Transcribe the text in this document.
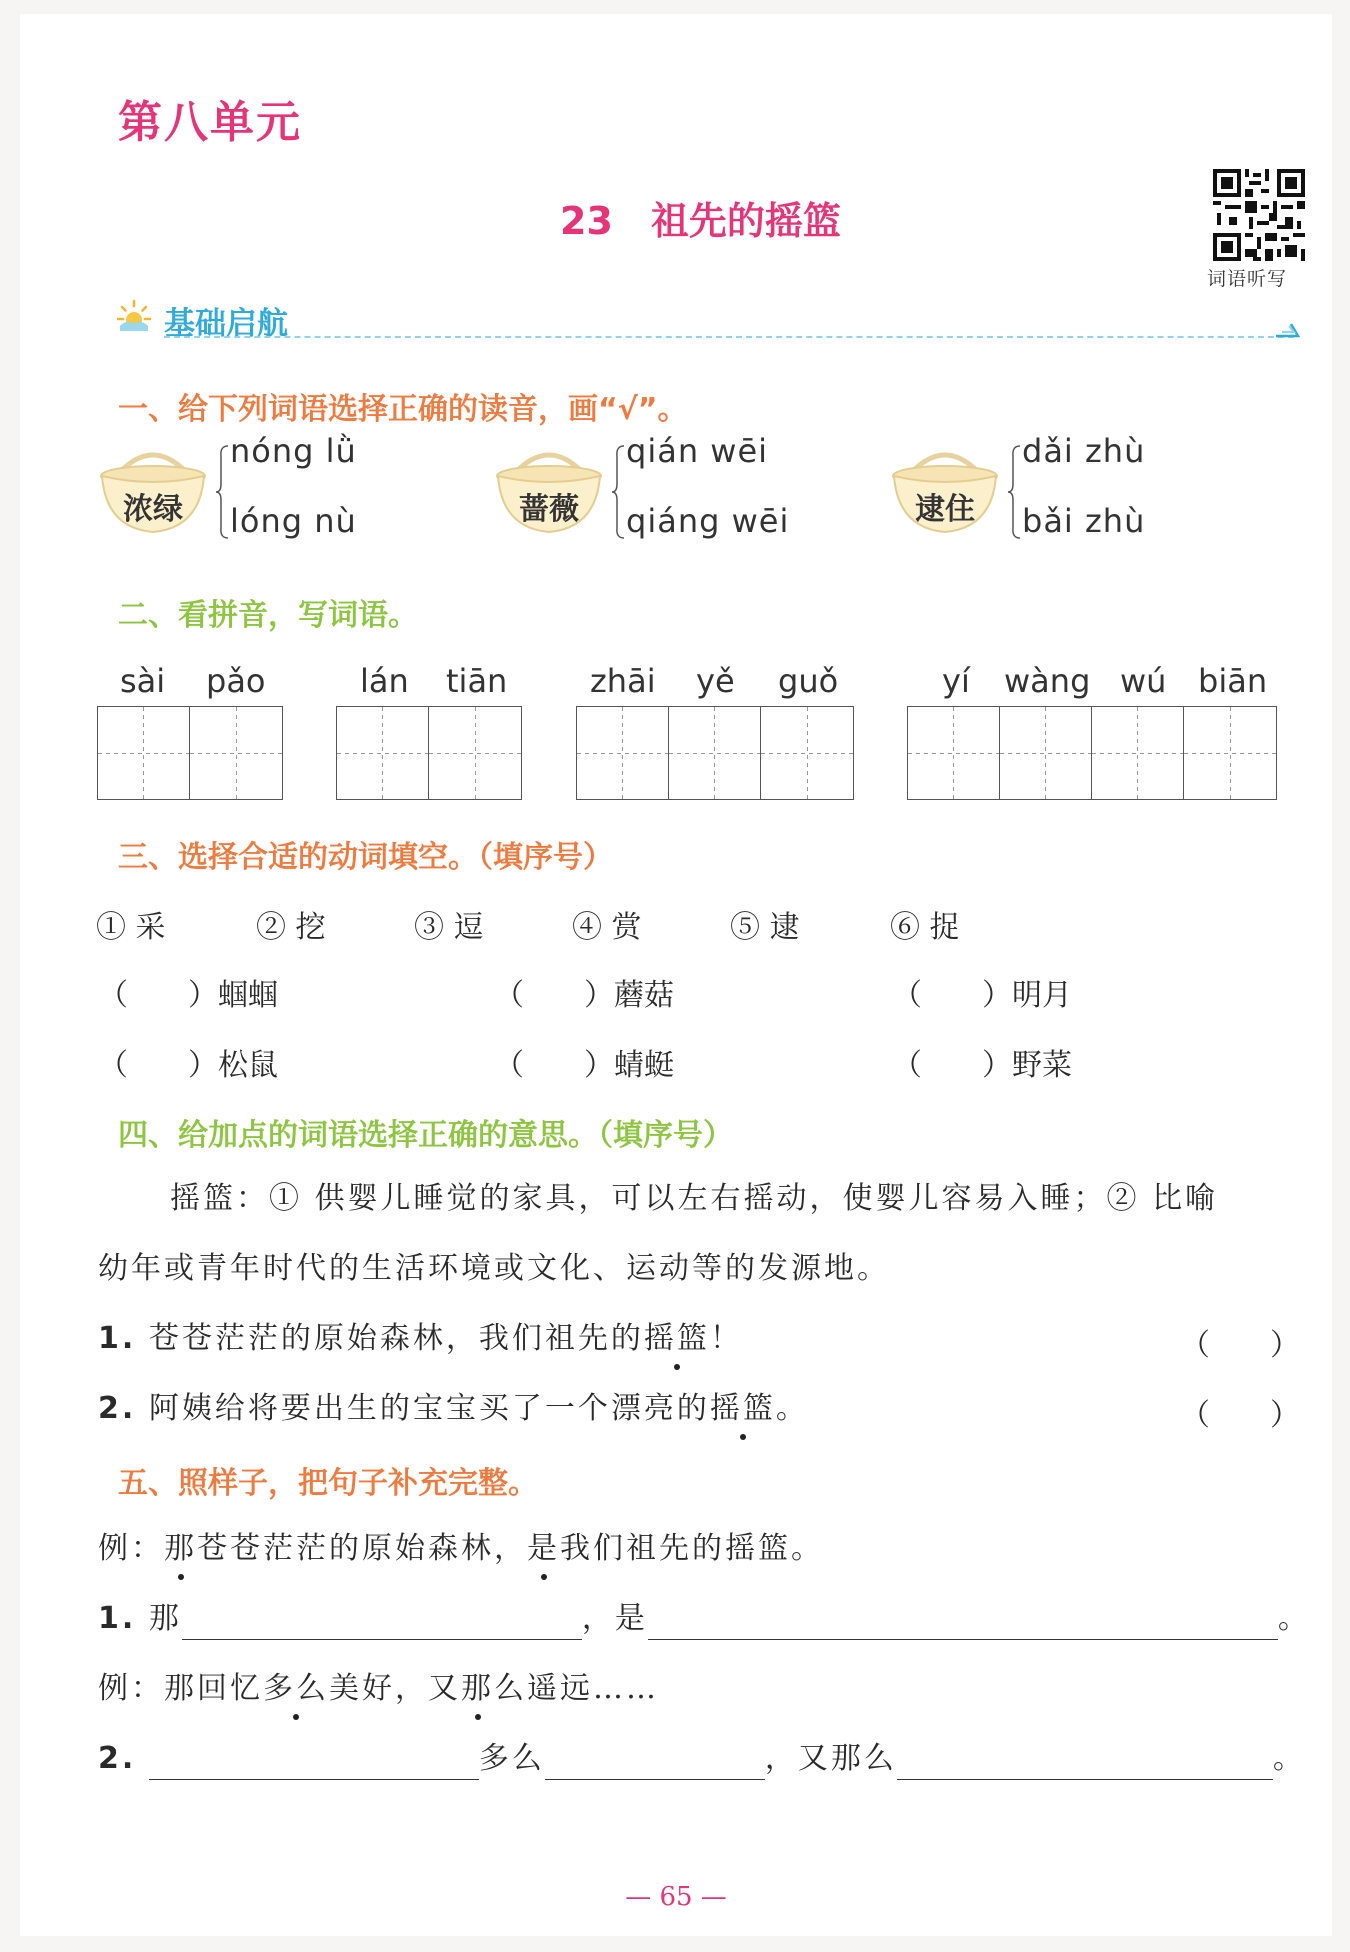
第八单元
23 祖先的摇篮
词语听写
基础启航
一、给下列词语选择正确的读音，画“√”。
浓绿
nóng lǜ
lóng nù	蔷薇
qián wēi
qiáng wēi	逮住
dǎi zhù
bǎi zhù
二、看拼音，写词语。
sài pǎo	lán tiān	zhāi yě guǒ	yí wàng wú biān
三、选择合适的动词填空。（填序号）
① 采	② 挖	③ 逗	④ 赏	⑤ 逮	⑥ 捉
（　　）蝈蝈	（　　）蘑菇	（　　）明月
（　　）松鼠	（　　）蜻蜓	（　　）野菜
四、给加点的词语选择正确的意思。（填序号）
摇篮：① 供婴儿睡觉的家具，可以左右摇动，使婴儿容易入睡；② 比喻
幼年或青年时代的生活环境或文化、运动等的发源地。
1. 苍苍茫茫的原始森林，我们祖先的摇篮！	（　　）
2. 阿姨给将要出生的宝宝买了一个漂亮的摇篮。	（　　）
五、照样子，把句子补充完整。
例：那苍苍茫茫的原始森林，是我们祖先的摇篮。
1. 那	，是	。
例：那回忆多么美好，又那么遥远……
2.	多么	，又那么	。
— 65 —
